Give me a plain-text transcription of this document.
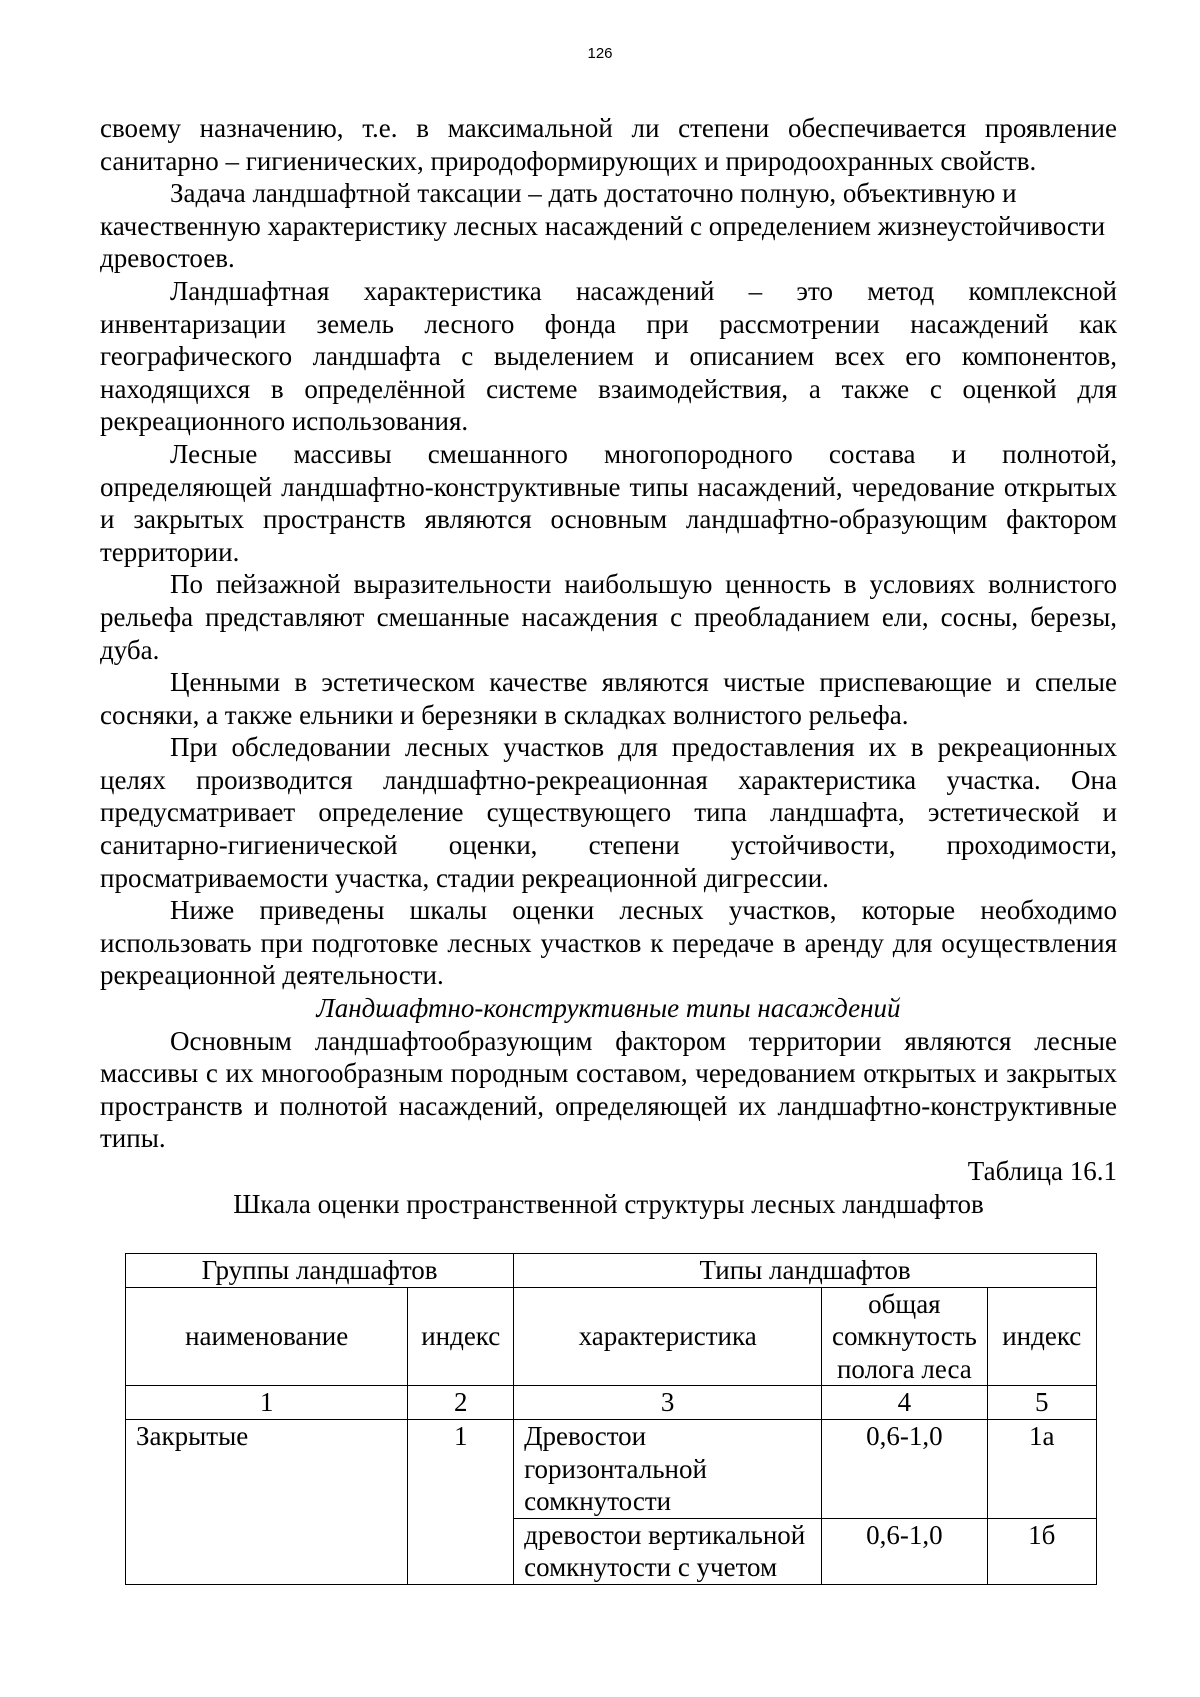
126

своему назначению, т.е. в максимальной ли степени обеспечивается проявление санитарно – гигиенических, природоформирующих и природоохранных свойств.

Задача ландшафтной таксации – дать достаточно полную, объективную и качественную характеристику лесных насаждений с определением жизнеустойчивости древостоев.

Ландшафтная характеристика насаждений – это метод комплексной инвентаризации земель лесного фонда при рассмотрении насаждений как географического ландшафта с выделением и описанием всех его компонентов, находящихся в определённой системе взаимодействия, а также с оценкой для рекреационного использования.

Лесные массивы смешанного многопородного состава и полнотой, определяющей ландшафтно-конструктивные типы насаждений, чередование открытых и закрытых пространств являются основным ландшафтно-образующим фактором территории.

По пейзажной выразительности наибольшую ценность в условиях волнистого рельефа представляют смешанные насаждения с преобладанием ели, сосны, березы, дуба.

Ценными в эстетическом качестве являются чистые приспевающие и спелые сосняки, а также ельники и березняки в складках волнистого рельефа.

При обследовании лесных участков для предоставления их в рекреационных целях производится ландшафтно-рекреационная характеристика участка. Она предусматривает определение существующего типа ландшафта, эстетической и санитарно-гигиенической оценки, степени устойчивости, проходимости, просматриваемости участка, стадии рекреационной дигрессии.

Ниже приведены шкалы оценки лесных участков, которые необходимо использовать при подготовке лесных участков к передаче в аренду для осуществления рекреационной деятельности.

Ландшафтно-конструктивные типы насаждений

Основным ландшафтообразующим фактором территории являются лесные массивы с их многообразным породным составом, чередованием открытых и закрытых пространств и полнотой насаждений, определяющей их ландшафтно-конструктивные типы.

Таблица 16.1

Шкала оценки пространственной структуры лесных ландшафтов

Группы ландшафтов		Типы ландшафтов		
наименование	индекс	характеристика	общая сомкнутость полога леса	индекс
1	2	3	4	5
Закрытые	1	Древостои горизонтальной сомкнутости	0,6-1,0	1а
		древостои вертикальной сомкнутости с учетом	0,6-1,0	1б
